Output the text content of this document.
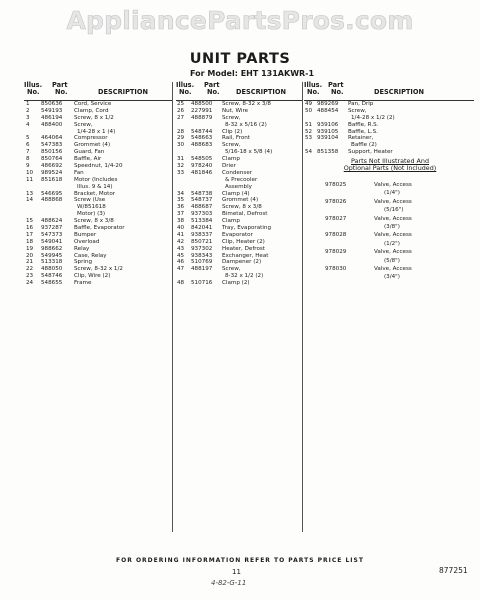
AppliancePartsPros.com
UNIT PARTS
For Model: EHT 131AKWR-1
Illus.
No.
Part
No.	DESCRIPTION
1 850636 Cord, Service
2 549193 Clamp, Cord
3 486194 Screw, 8 x 1/2
4 488400 Screw,
1/4-28 x 1 (4)
5 464064 Compressor
6 547383 Grommet (4)
7 850156 Guard, Fan
8 850764 Baffle, Air
9 486692 Speednut, 1/4-20
10 989524 Fan
11 851618 Motor (Includes
Illus. 9 & 14)
13 546695 Bracket, Motor
14 488868 Screw (Use
W/851618
Motor) (3)
15 488624 Screw, 8 x 3/8
16 937287 Baffle, Evaporator
17 547373 Bumper
18 549041 Overload
19 988662 Relay
20 549945 Case, Relay
21 513318 Spring
22 488050 Screw, 8-32 x 1/2
23 548746 Clip, Wire (2)
24 548655 Frame
Illus.
No.
Part
No. DESCRIPTION
25 488500 Screw, 8-32 x 3/8
26 227991 Nut, Wire
27 488879 Screw,
8-32 x 5/16 (2)
28 548744 Clip (2)
29 548663 Rail, Front
30 488683 Screw,
5/16-18 x 5/8 (4)
31 548505 Clamp
32 978240 Drier
33 481846 Condenser
& Precooler
Assembly
34 548738 Clamp (4)
35 548737 Grommet (4)
36 488687 Screw, 8 x 3/8
37 937303 Bimetal, Defrost
38 513384 Clamp
40 842041 Tray, Evaporating
41 938337 Evaporator
42 850721 Clip, Heater (2)
43 937302 Heater, Defrost
45 938343 Exchanger, Heat
46 510769 Dampener (2)
47 488197 Screw,
8-32 x 1/2 (2)
48 510716 Clamp (2)
Illus.
No.
Part
No.	DESCRIPTION
49 989269 Pan, Drip
50 488454 Screw,
1/4-28 x 1/2 (2)
51 939106 Baffle, R.S.
52 939105 Baffle, L.S.
53 939104 Retainer,
Baffle (2)
54 851358 Support, Heater
Parts Not Illustrated And
Optional Parts (Not Included)
978025	Valve, Access
(1/4")
978026	Valve, Access
(5/16")
978027	Valve, Access
(3/8")
978028	Valve, Access
(1/2")
978029	Valve, Access
(5/8")
978030	Valve, Access
(3/4")
FOR ORDERING INFORMATION REFER TO PARTS PRICE LIST
11	877251
4-82-G-11
